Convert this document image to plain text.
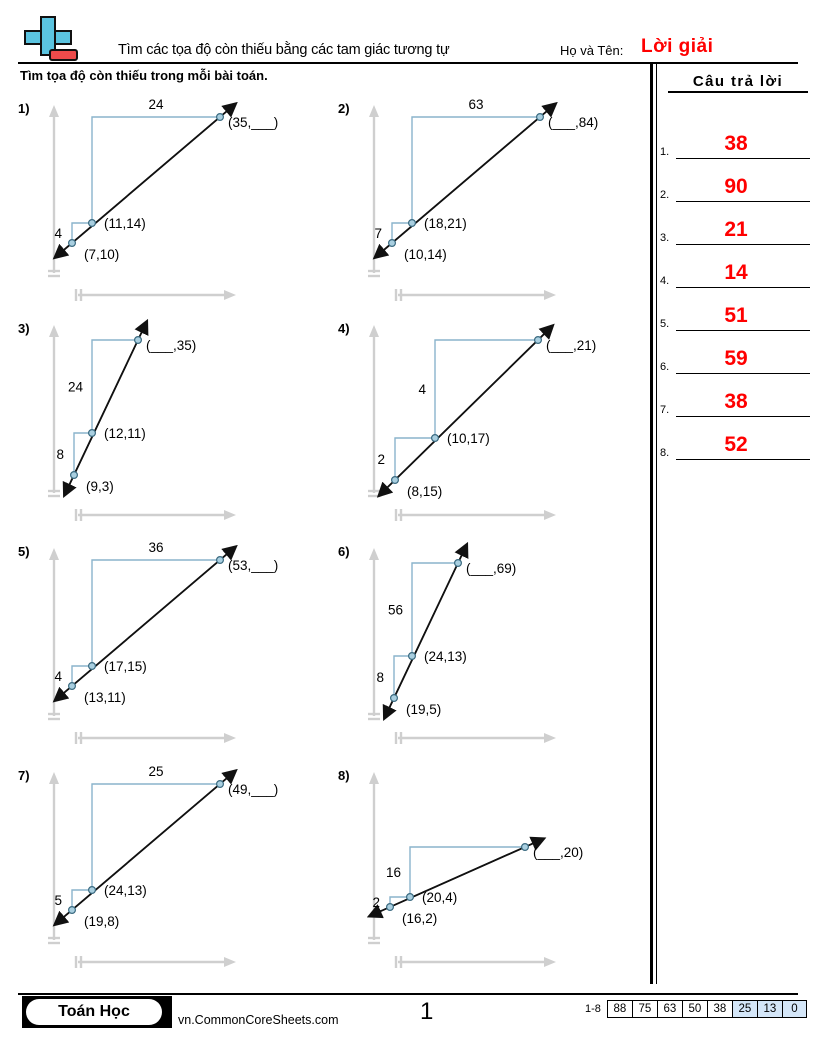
Tìm các tọa độ còn thiếu bằng các tam giác tương tự	Họ và Tên: Lời giải
Tìm tọa độ còn thiếu trong mỗi bài toán.	Câu trả lời
1.	38
2.	90
3.	21
4.	14
5.	51
6.	59
7.	38
8.	52
1)
4
24
(7,10)
(11,14)
(35,___)
2)
7
63
(10,14)
(18,21)
(___,84)
3)
8
24
(9,3)
(12,11)
(___,35)
4)
2
4
(8,15)
(10,17)
(___,21)
5)
4
36
(13,11)
(17,15)
(53,___)
6)
8
56
(19,5)
(24,13)
(___,69)
7)
5
25
(19,8)
(24,13)
(49,___)
8)
2
16
(16,2)
(20,4)
(___,20)
Toán Học	vn.CommonCoreSheets.com	1	1-8	88	75	63	50	38	25	13	0
